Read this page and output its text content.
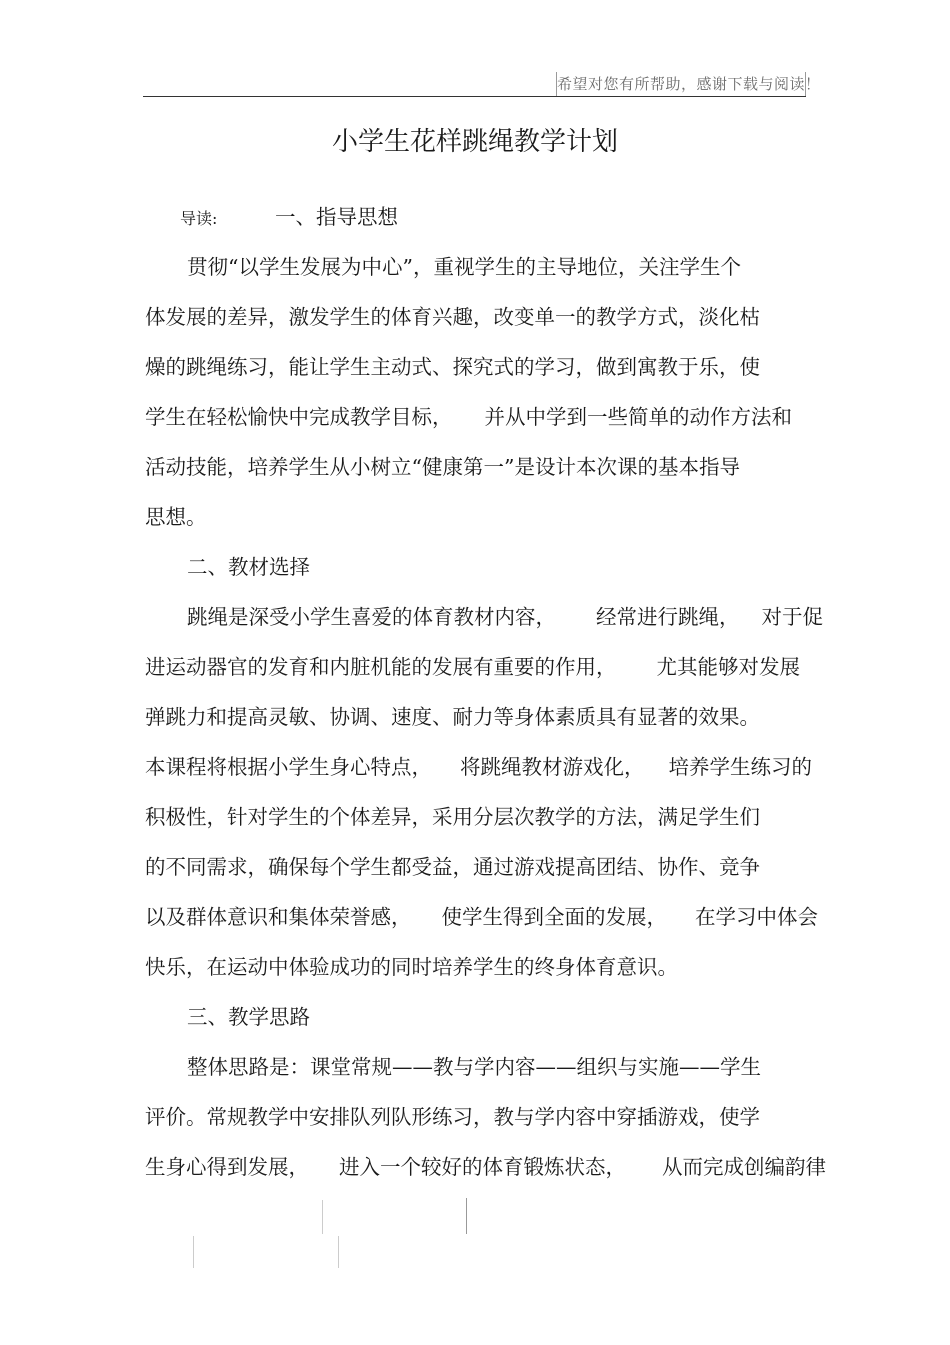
希望对您有所帮助，感谢下载与阅读！
小学生花样跳绳教学计划
导读:	一、指导思想
贯彻“以学生发展为中心”，重视学生的主导地位，关注学生个
体发展的差异，激发学生的体育兴趣，改变单一的教学方式，淡化枯
燥的跳绳练习，能让学生主动式、探究式的学习，做到寓教于乐，使
学生在轻松愉快中完成教学目标， 并从中学到一些简单的动作方法和
活动技能，培养学生从小树立“健康第一”是设计本次课的基本指导
思想。
二、教材选择
跳绳是深受小学生喜爱的体育教材内容， 经常进行跳绳， 对于促
进运动器官的发育和内脏机能的发展有重要的作用， 尤其能够对发展
弹跳力和提高灵敏、协调、速度、耐力等身体素质具有显著的效果。
本课程将根据小学生身心特点， 将跳绳教材游戏化， 培养学生练习的
积极性，针对学生的个体差异，采用分层次教学的方法，满足学生们
的不同需求，确保每个学生都受益，通过游戏提高团结、协作、竞争
以及群体意识和集体荣誉感， 使学生得到全面的发展， 在学习中体会
快乐，在运动中体验成功的同时培养学生的终身体育意识。
三、教学思路
整体思路是：课堂常规——教与学内容——组织与实施——学生
评价。常规教学中安排队列队形练习，教与学内容中穿插游戏，使学
生身心得到发展， 进入一个较好的体育锻炼状态， 从而完成创编韵律
